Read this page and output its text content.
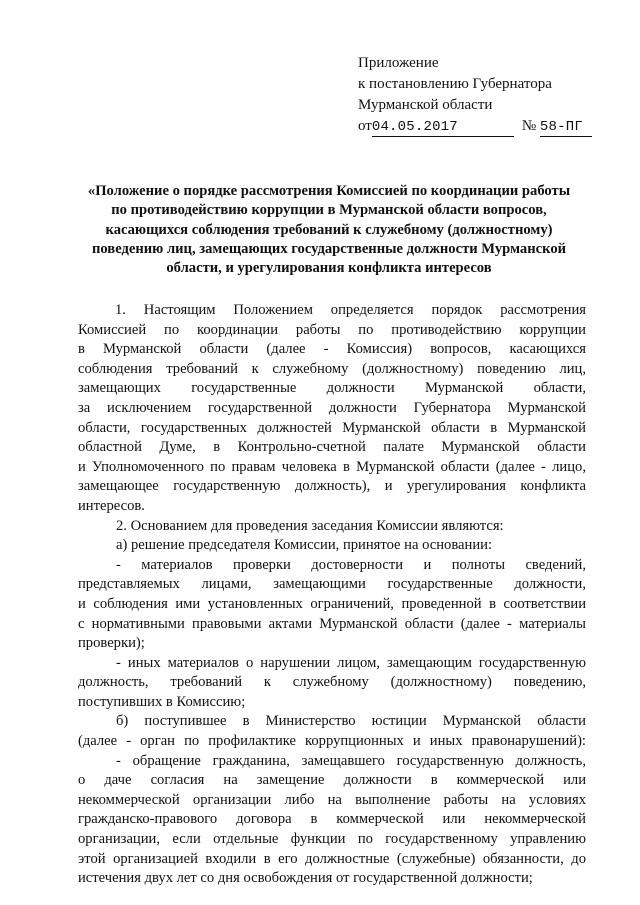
Приложение
к постановлению Губернатора
Мурманской области
от04.05.2017	№ 58-ПГ
«Положение о порядке рассмотрения Комиссией по координации работы
по противодействию коррупции в Мурманской области вопросов,
касающихся соблюдения требований к служебному (должностному)
поведению лиц, замещающих государственные должности Мурманской
области, и урегулирования конфликта интересов
1. Настоящим Положением определяется порядок рассмотрения
Комиссией по координации работы по противодействию коррупции
в Мурманской области (далее - Комиссия) вопросов, касающихся
соблюдения требований к служебному (должностному) поведению лиц,
замещающих государственные должности Мурманской области,
за исключением государственной должности Губернатора Мурманской
области, государственных должностей Мурманской области в Мурманской
областной Думе, в Контрольно-счетной палате Мурманской области
и Уполномоченного по правам человека в Мурманской области (далее - лицо,
замещающее государственную должность), и урегулирования конфликта
интересов.
2. Основанием для проведения заседания Комиссии являются:
а) решение председателя Комиссии, принятое на основании:
- материалов проверки достоверности и полноты сведений,
представляемых лицами, замещающими государственные должности,
и соблюдения ими установленных ограничений, проведенной в соответствии
с нормативными правовыми актами Мурманской области (далее - материалы
проверки);
- иных материалов о нарушении лицом, замещающим государственную
должность, требований к служебному (должностному) поведению,
поступивших в Комиссию;
б) поступившее в Министерство юстиции Мурманской области
(далее - орган по профилактике коррупционных и иных правонарушений):
- обращение гражданина, замещавшего государственную должность,
о даче согласия на замещение должности в коммерческой или
некоммерческой организации либо на выполнение работы на условиях
гражданско-правового договора в коммерческой или некоммерческой
организации, если отдельные функции по государственному управлению
этой организацией входили в его должностные (служебные) обязанности, до
истечения двух лет со дня освобождения от государственной должности;
